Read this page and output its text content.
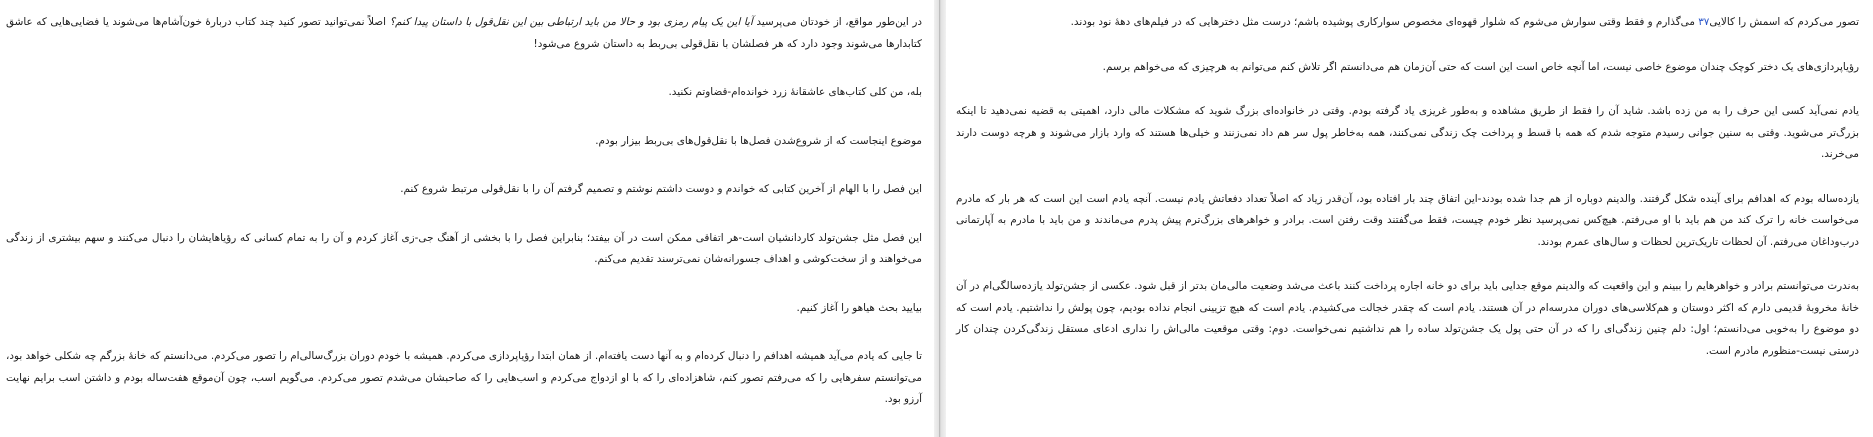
در این‌طور مواقع، از خودتان می‌پرسید آیا این یک پیام رمزی بود و حالا من باید ارتباطی بین این نقل‌قول با داستان پیدا کنم؟ اصلاً نمی‌توانید تصور کنید چند کتاب دربارهٔ خون‌آشام‌ها می‌شوند یا فضایی‌هایی که عاشق کتابدارها می‌شوند وجود دارد که هر فصلشان با نقل‌قولی بی‌ربط به داستان شروع می‌شود!

بله، من کلی کتاب‌های عاشقانهٔ زرد خوانده‌ام-قضاوتم نکنید.

موضوع اینجاست که از شروع‌شدن فصل‌ها با نقل‌قول‌های بی‌ربط بیزار بودم.

این فصل را با الهام از آخرین کتابی که خواندم و دوست داشتم نوشتم و تصمیم گرفتم آن را با نقل‌قولی مرتبط شروع کنم.

این فصل مثل جشن‌تولد کاردانشیان است-هر اتفاقی ممکن است در آن بیفتد؛ بنابراین فصل را با بخشی از آهنگ جی-زی آغاز کردم و آن را به تمام کسانی که رؤیاهایشان را دنبال می‌کنند و سهم بیشتری از زندگی می‌خواهند و از سخت‌کوشی و اهداف جسورانه‌شان نمی‌ترسند تقدیم می‌کنم.

بیایید بحث هیاهو را آغاز کنیم.

تا جایی که یادم می‌آید همیشه اهدافم را دنبال کرده‌ام و به آنها دست یافته‌ام. از همان ابتدا رؤیاپردازی می‌کردم. همیشه با خودم دوران بزرگ‌سالی‌ام را تصور می‌کردم. می‌دانستم که خانهٔ بزرگم چه شکلی خواهد بود، می‌توانستم سفرهایی را که می‌رفتم تصور کنم، شاهزاده‌ای را که با او ازدواج می‌کردم و اسب‌هایی را که صاحبشان می‌شدم تصور می‌کردم. می‌گویم اسب، چون آن‌موقع هفت‌ساله بودم و داشتن اسب برایم نهایت آرزو بود.

تصور می‌کردم که اسمش را کالایی۳۷ می‌گذارم و فقط وقتی سوارش می‌شوم که شلوار قهوه‌ای مخصوص سوارکاری پوشیده باشم؛ درست مثل دخترهایی که در فیلم‌های دههٔ نود بودند.

رؤیاپردازی‌های یک دختر کوچک چندان موضوع خاصی نیست، اما آنچه خاص است این است که حتی آن‌زمان هم می‌دانستم اگر تلاش کنم می‌توانم به هرچیزی که می‌خواهم برسم.

یادم نمی‌آید کسی این حرف را به من زده باشد. شاید آن را فقط از طریق مشاهده و به‌طور غریزی یاد گرفته بودم. وقتی در خانواده‌ای بزرگ شوید که مشکلات مالی دارد، اهمیتی به قضیه نمی‌دهید تا اینکه بزرگ‌تر می‌شوید. وقتی به سنین جوانی رسیدم متوجه شدم که همه با قسط و پرداخت چک زندگی نمی‌کنند، همه به‌خاطر پول سر هم داد نمی‌زنند و خیلی‌ها هستند که وارد بازار می‌شوند و هرچه دوست دارند می‌خرند.

یازده‌ساله بودم که اهدافم برای آینده شکل گرفتند. والدینم دوباره از هم جدا شده بودند-این اتفاق چند بار افتاده بود، آن‌قدر زیاد که اصلاً تعداد دفعاتش یادم نیست. آنچه یادم است این است که هر بار که مادرم می‌خواست خانه را ترک کند من هم باید با او می‌رفتم. هیچ‌کس نمی‌پرسید نظر خودم چیست، فقط می‌گفتند وقت رفتن است. برادر و خواهرهای بزرگ‌ترم پیش پدرم می‌ماندند و من باید با مادرم به آپارتمانی درب‌وداغان می‌رفتم. آن لحظات تاریک‌ترین لحظات و سال‌های عمرم بودند.

به‌ندرت می‌توانستم برادر و خواهرهایم را ببینم و این واقعیت که والدینم موقع جدایی باید برای دو خانه اجاره پرداخت کنند باعث می‌شد وضعیت مالی‌مان بدتر از قبل شود. عکسی از جشن‌تولد یازده‌سالگی‌ام در آن خانهٔ مخروبهٔ قدیمی دارم که اکثر دوستان و هم‌کلاسی‌های دوران مدرسه‌ام در آن هستند. یادم است که چقدر خجالت می‌کشیدم. یادم است که هیچ تزیینی انجام نداده بودیم، چون پولش را نداشتیم. یادم است که دو موضوع را به‌خوبی می‌دانستم؛ اول: دلم چنین زندگی‌ای را که در آن حتی پول یک جشن‌تولد ساده را هم نداشتیم نمی‌خواست. دوم: وقتی موقعیت مالی‌اش را نداری ادعای مستقل زندگی‌کردن چندان کار درستی نیست-منظورم مادرم است.
